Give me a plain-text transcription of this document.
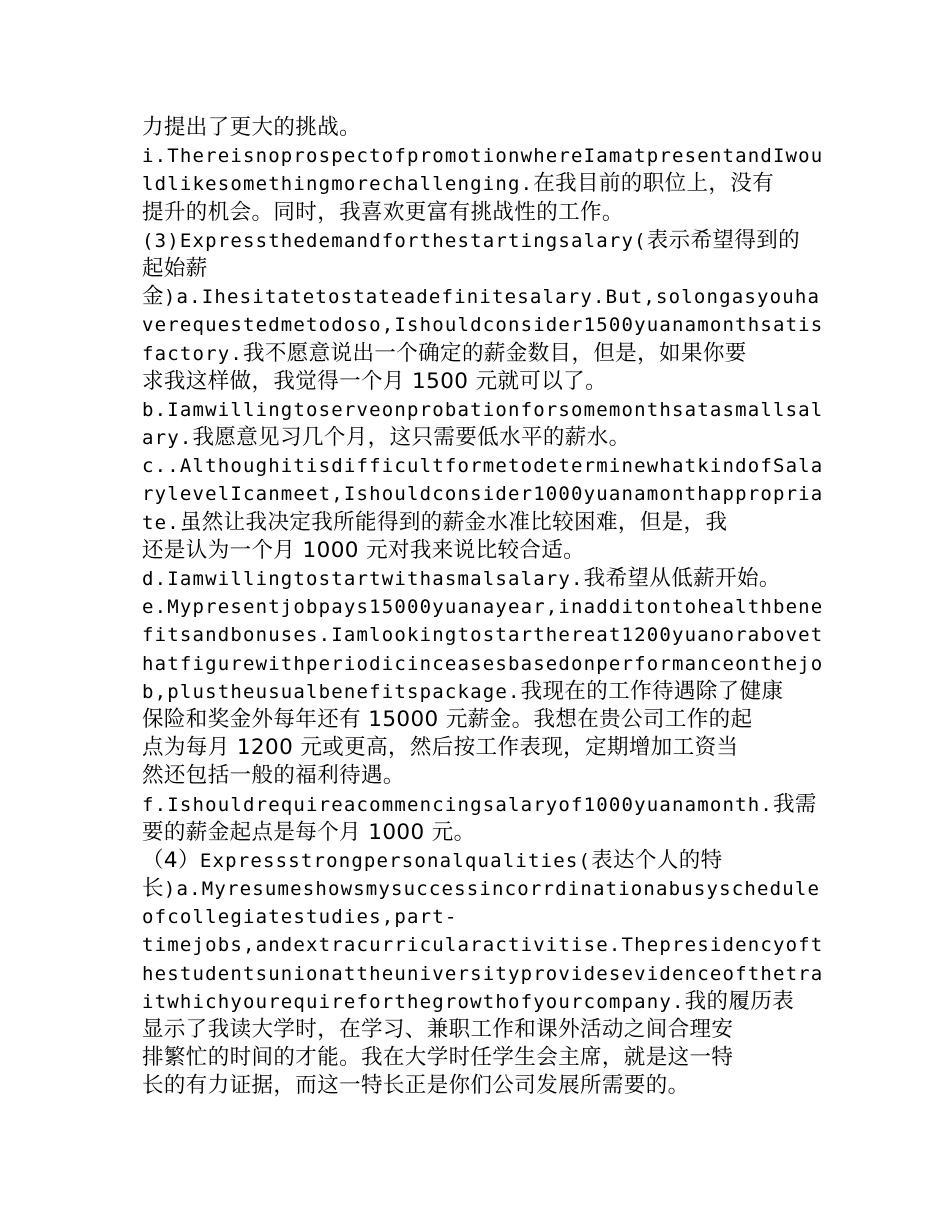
力提出了更大的挑战。
i.ThereisnoprospectofpromotionwhereIamatpresentandIwou
ldlikesomethingmorechallenging.在我目前的职位上，没有
提升的机会。同时，我喜欢更富有挑战性的工作。
(3)Expressthedemandforthestartingsalary(表示希望得到的
起始薪
金)a.Ihesitatetostateadefinitesalary.But,solongasyouha
verequestedmetodoso,Ishouldconsider1500yuanamonthsatis
factory.我不愿意说出一个确定的薪金数目，但是，如果你要
求我这样做，我觉得一个月 1500 元就可以了。
b.Iamwillingtoserveonprobationforsomemonthsatasmallsal
ary.我愿意见习几个月，这只需要低水平的薪水。
c..AlthoughitisdifficultformetodeterminewhatkindofSala
rylevelIcanmeet,Ishouldconsider1000yuanamonthappropria
te.虽然让我决定我所能得到的薪金水准比较困难，但是，我
还是认为一个月 1000 元对我来说比较合适。
d.Iamwillingtostartwithasmalsalary.我希望从低薪开始。
e.Mypresentjobpays15000yuanayear,inadditontohealthbene
fitsandbonuses.Iamlookingtostarthereat1200yuanorabovet
hatfigurewithperiodicinceasesbasedonperformanceonthejo
b,plustheusualbenefitspackage.我现在的工作待遇除了健康
保险和奖金外每年还有 15000 元薪金。我想在贵公司工作的起
点为每月 1200 元或更高，然后按工作表现，定期增加工资当
然还包括一般的福利待遇。
f.Ishouldrequireacommencingsalaryof1000yuanamonth.我需
要的薪金起点是每个月 1000 元。
（4）Expressstrongpersonalqualities(表达个人的特
长)a.Myresumeshowsmysuccessincorrdinationabusyschedule
ofcollegiatestudies,part-
timejobs,andextracurricularactivitise.Thepresidencyoft
hestudentsunionattheuniversityprovidesevidenceofthetra
itwhichyourequireforthegrowthofyourcompany.我的履历表
显示了我读大学时，在学习、兼职工作和课外活动之间合理安
排繁忙的时间的才能。我在大学时任学生会主席，就是这一特
长的有力证据，而这一特长正是你们公司发展所需要的。
